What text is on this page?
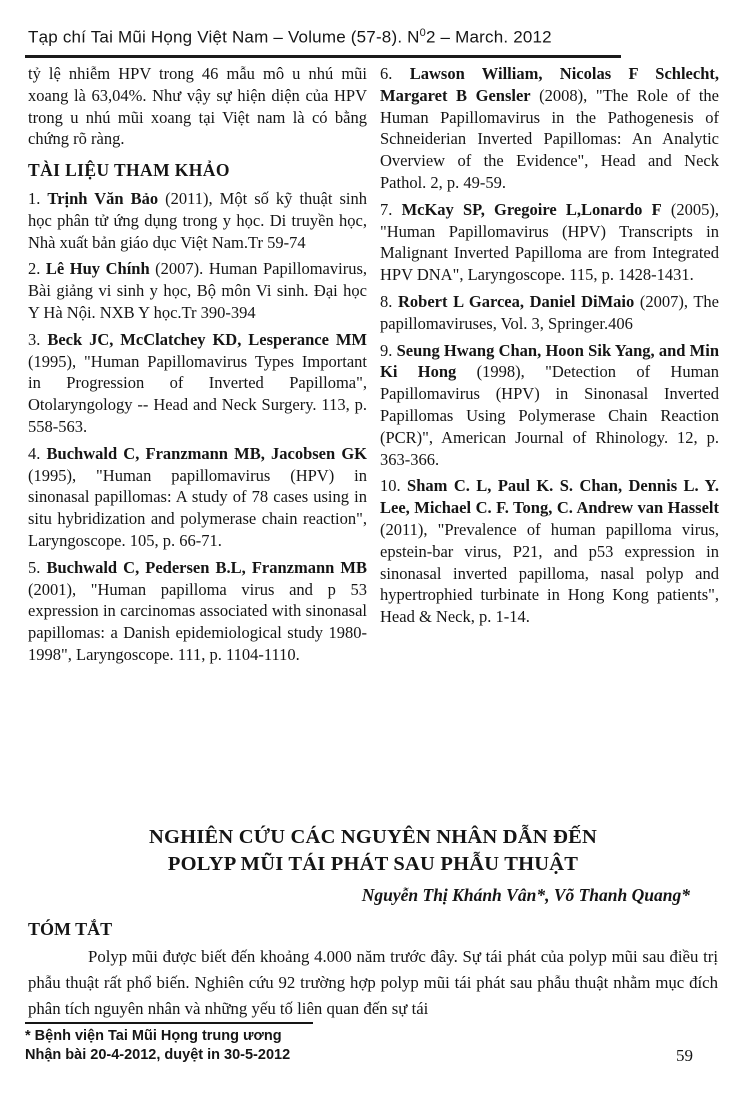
Tạp chí Tai Mũi Họng Việt Nam – Volume (57-8). $N^02$ – March. 2012

tỷ lệ nhiễm HPV trong 46 mẫu mô u nhú mũi xoang là 63,04%. Như vậy sự hiện diện của HPV trong u nhú mũi xoang tại Việt nam là có bằng chứng rõ ràng.

TÀI LIỆU THAM KHẢO

1. Trịnh Văn Bảo (2011), Một số kỹ thuật sinh học phân tử ứng dụng trong y học. Di truyền học, Nhà xuất bản giáo dục Việt Nam.Tr 59-74

2. Lê Huy Chính (2007). Human Papillomavirus, Bài giảng vi sinh y học, Bộ môn Vi sinh. Đại học Y Hà Nội. NXB Y học.Tr 390-394

3. Beck JC, McClatchey KD, Lesperance MM (1995), "Human Papillomavirus Types Important in Progression of Inverted Papilloma", Otolaryngology -- Head and Neck Surgery. 113, p. 558-563.

4. Buchwald C, Franzmann MB, Jacobsen GK (1995), "Human papillomavirus (HPV) in sinonasal papillomas: A study of 78 cases using in situ hybridization and polymerase chain reaction", Laryngoscope. 105, p. 66-71.

5. Buchwald C, Pedersen B.L, Franzmann MB (2001), "Human papilloma virus and p 53 expression in carcinomas associated with sinonasal papillomas: a Danish epidemiological study 1980-1998", Laryngoscope. 111, p. 1104-1110.

6. Lawson William, Nicolas F Schlecht, Margaret B Gensler (2008), "The Role of the Human Papillomavirus in the Pathogenesis of Schneiderian Inverted Papillomas: An Analytic Overview of the Evidence", Head and Neck Pathol. 2, p. 49-59.

7. McKay SP, Gregoire L,Lonardo F (2005), "Human Papillomavirus (HPV) Transcripts in Malignant Inverted Papilloma are from Integrated HPV DNA", Laryngoscope. 115, p. 1428-1431.

8. Robert L Garcea, Daniel DiMaio (2007), The papillomaviruses, Vol. 3, Springer.406

9. Seung Hwang Chan, Hoon Sik Yang, and Min Ki Hong (1998), "Detection of Human Papillomavirus (HPV) in Sinonasal Inverted Papillomas Using Polymerase Chain Reaction (PCR)", American Journal of Rhinology. 12, p. 363-366.

10. Sham C. L, Paul K. S. Chan, Dennis L. Y. Lee, Michael C. F. Tong, C. Andrew van Hasselt (2011), "Prevalence of human papilloma virus, epstein-bar virus, P21, and p53 expression in sinonasal inverted papilloma, nasal polyp and hypertrophied turbinate in Hong Kong patients", Head & Neck, p. 1-14.

NGHIÊN CỨU CÁC NGUYÊN NHÂN DẪN ĐẾN
POLYP MŨI TÁI PHÁT SAU PHẪU THUẬT

Nguyễn Thị Khánh Vân*, Võ Thanh Quang*

TÓM TẮT

Polyp mũi được biết đến khoảng 4.000 năm trước đây. Sự tái phát của polyp mũi sau điều trị phẫu thuật rất phổ biến. Nghiên cứu 92 trường hợp polyp mũi tái phát sau phẫu thuật nhằm mục đích phân tích nguyên nhân và những yếu tố liên quan đến sự tái

* Bệnh viện Tai Mũi Họng trung ương

Nhận bài 20-4-2012, duyệt in 30-5-2012	59
